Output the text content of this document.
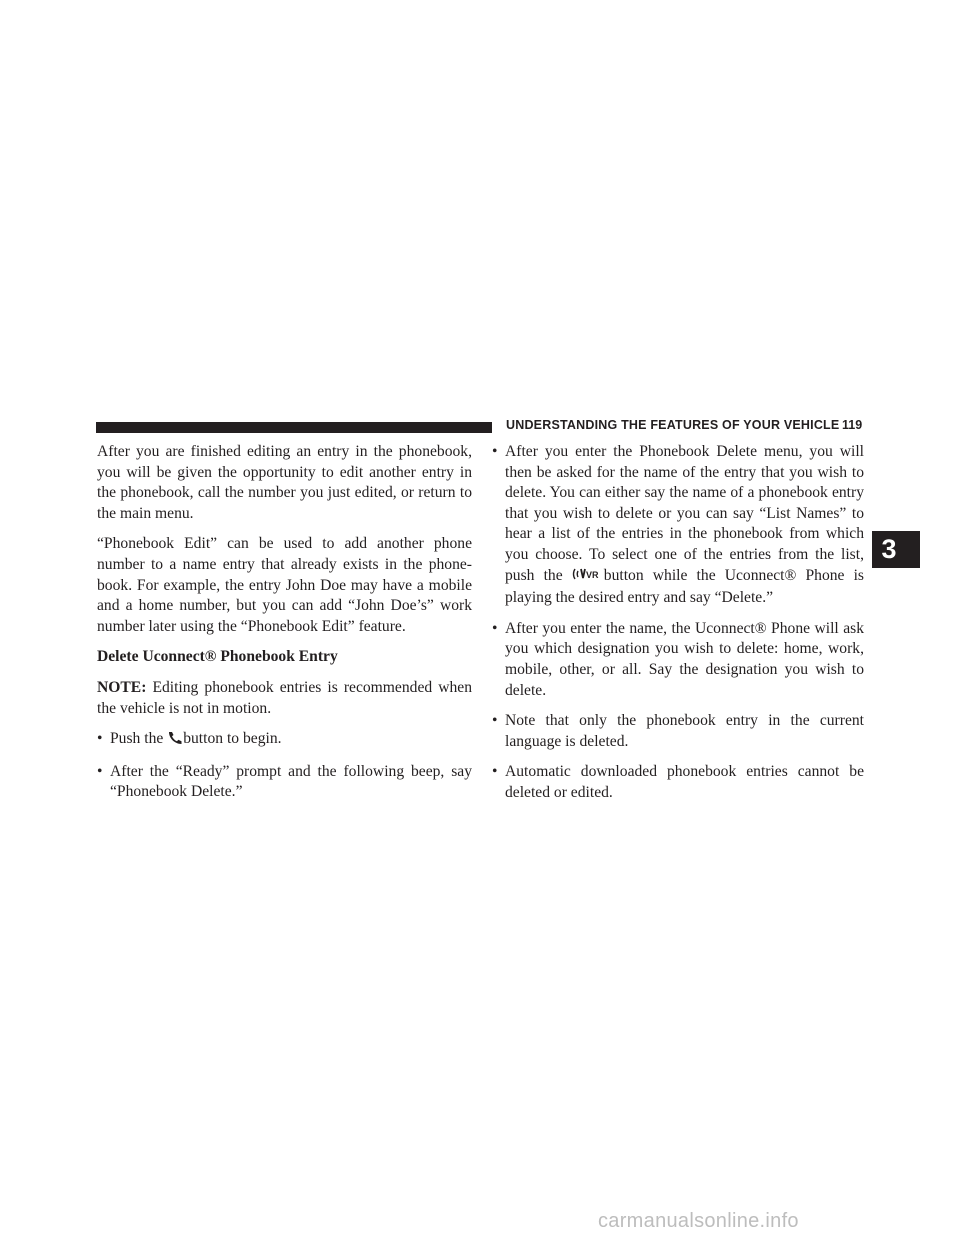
UNDERSTANDING THE FEATURES OF YOUR VEHICLE 119
3

After you are finished editing an entry in the phonebook, you will be given the opportunity to edit another entry in the phonebook, call the number you just edited, or return to the main menu.

“Phonebook Edit” can be used to add another phone number to a name entry that already exists in the phone- book. For example, the entry John Doe may have a mobile and a home number, but you can add “John Doe’s” work number later using the “Phonebook Edit” feature.

Delete Uconnect® Phonebook Entry

NOTE: Editing phonebook entries is recommended when the vehicle is not in motion.

• Push the button to begin.
• After the “Ready” prompt and the following beep, say “Phonebook Delete.”
• After you enter the Phonebook Delete menu, you will then be asked for the name of the entry that you wish to delete. You can either say the name of a phonebook entry that you wish to delete or you can say “List Names” to hear a list of the entries in the phonebook from which you choose. To select one of the entries from the list, push the	VR button while the Uconnect® Phone is playing the desired entry and say “Delete.”
• After you enter the name, the Uconnect® Phone will ask you which designation you wish to delete: home, work, mobile, other, or all. Say the designation you wish to delete.
• Note that only the phonebook entry in the current language is deleted.
• Automatic downloaded phonebook entries cannot be deleted or edited.
carmanualsonline.info
